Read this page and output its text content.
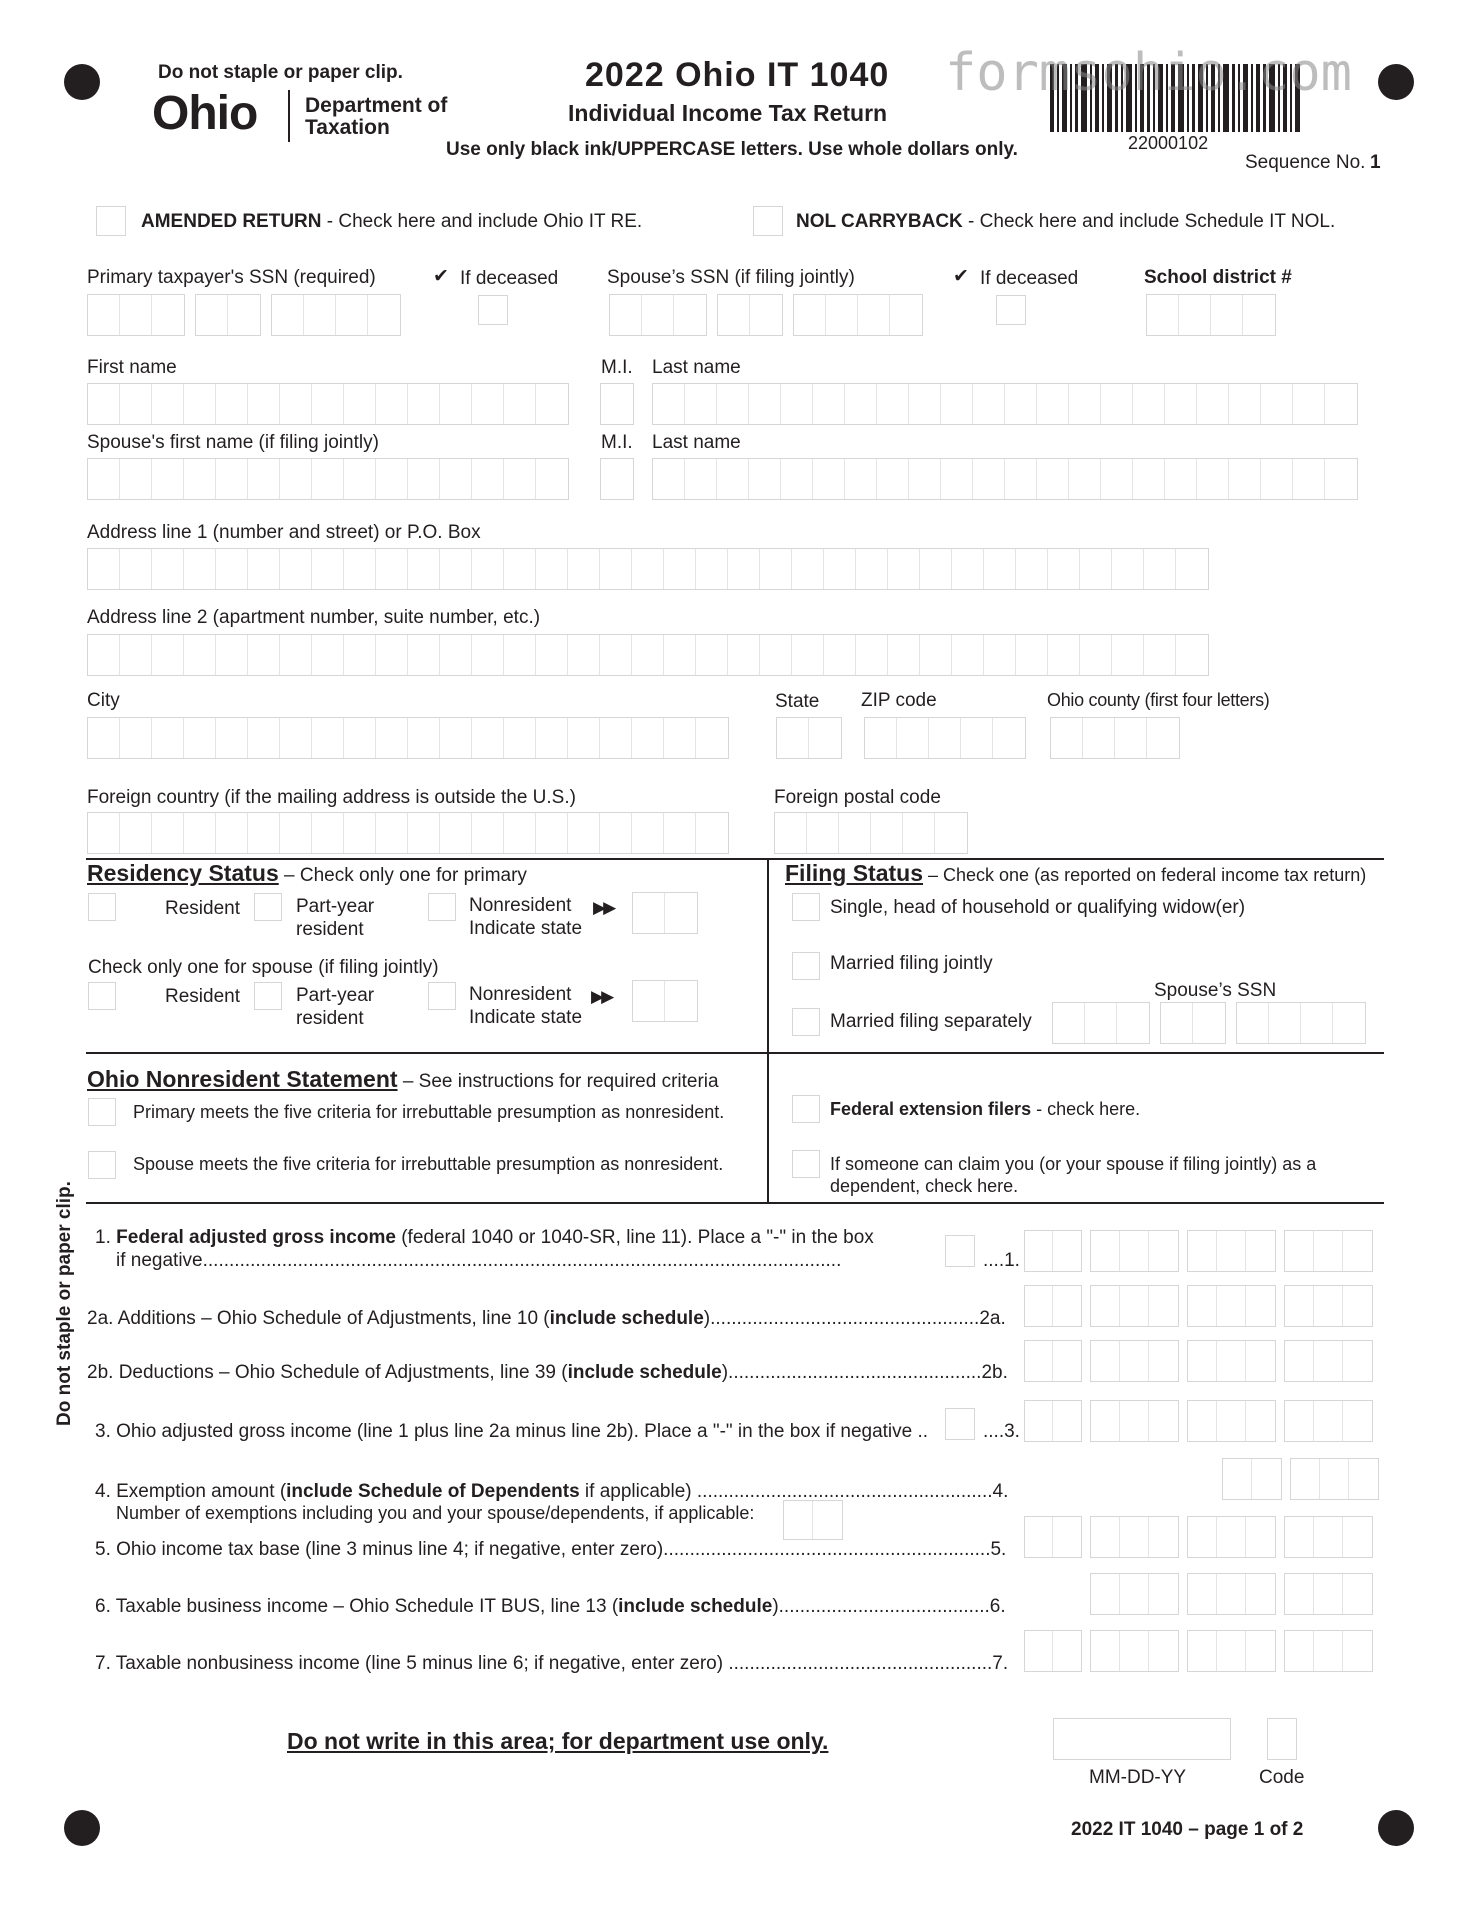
Do not staple or paper clip.
Ohio Department of
Taxation
2022 Ohio IT 1040
Individual Income Tax Return
Use only black ink/UPPERCASE letters. Use whole dollars only.
formsohio.com
22000102
Sequence No. 1
AMENDED RETURN - Check here and include Ohio IT RE.	NOL CARRYBACK - Check here and include Schedule IT NOL.
Primary taxpayer's SSN (required)	✔ If deceased	Spouse’s SSN (if filing jointly)	✔ If deceased	School district #
First name	M.I. Last name
Spouse's first name (if filing jointly)	M.I. Last name
Address line 1 (number and street) or P.O. Box
Address line 2 (apartment number, suite number, etc.)
City	State ZIP code	Ohio county (first four letters)
Foreign country (if the mailing address is outside the U.S.)	Foreign postal code
Residency Status – Check only one for primary
Resident	Part-year
resident
Nonresident
Indicate state
▶▶
Check only one for spouse (if filing jointly)
Resident	Part-year
resident
Nonresident
Indicate state
▶▶
Filing Status – Check one (as reported on federal income tax return)
Single, head of household or qualifying widow(er)
Married filing jointly
Spouse’s SSN
Married filing separately
Ohio Nonresident Statement – See instructions for required criteria
Primary meets the five criteria for irrebuttable presumption as nonresident.
Spouse meets the five criteria for irrebuttable presumption as nonresident.
Federal extension filers - check here.
If someone can claim you (or your spouse if filing jointly) as a
dependent, check here.
Do not staple or paper clip. 1. Federal adjusted gross income (federal 1040 or 1040-SR, line 11). Place a "-" in the box
if negative.........................................................................................................................	....1.
2a. Additions – Ohio Schedule of Adjustments, line 10 (include schedule)...................................................2a.
2b. Deductions – Ohio Schedule of Adjustments, line 39 (include schedule)................................................2b.
3. Ohio adjusted gross income (line 1 plus line 2a minus line 2b). Place a "-" in the box if negative ..	....3.
4. Exemption amount (include Schedule of Dependents if applicable) ........................................................4.
Number of exemptions including you and your spouse/dependents, if applicable:
5. Ohio income tax base (line 3 minus line 4; if negative, enter zero)..............................................................5.
6. Taxable business income – Ohio Schedule IT BUS, line 13 (include schedule)........................................6.
7. Taxable nonbusiness income (line 5 minus line 6; if negative, enter zero) ..................................................7.
Do not write in this area; for department use only.
MM-DD-YY	Code
2022 IT 1040 – page 1 of 2
